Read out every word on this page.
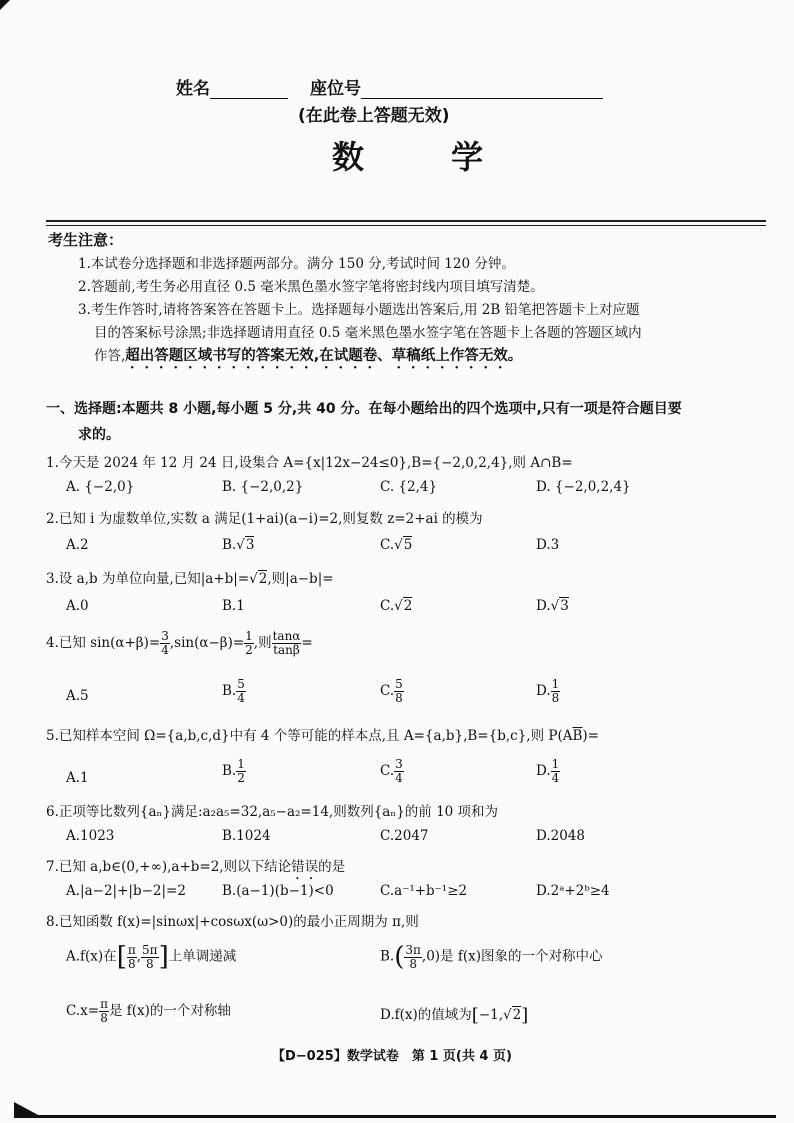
姓名	座位号
(在此卷上答题无效)
数 学
考生注意：
1.本试卷分选择题和非选择题两部分。满分 150 分,考试时间 120 分钟。
2.答题前,考生务必用直径 0.5 毫米黑色墨水签字笔将密封线内项目填写清楚。
3.考生作答时,请将答案答在答题卡上。选择题每小题选出答案后,用 2B 铅笔把答题卡上对应题
目的答案标号涂黑;非选择题请用直径 0.5 毫米黑色墨水签字笔在答题卡上各题的答题区域内
作答,超出答题区域书写的答案无效,在试题卷、草稿纸上作答无效。
一、选择题:本题共 8 小题,每小题 5 分,共 40 分。在每小题给出的四个选项中,只有一项是符合题目要
求的。
1.今天是 2024 年 12 月 24 日,设集合 A={x|12x−24≤0},B={−2,0,2,4},则 A∩B=
A. {−2,0}	B. {−2,0,2}	C. {2,4}	D. {−2,0,2,4}
2.已知 i 为虚数单位,实数 a 满足(1+ai)(a−i)=2,则复数 z=2+ai 的模为
A.2	B.√3	C.√5	D.3
3.设 a,b 为单位向量,已知|a+b|=√2,则|a−b|=
A.0	B.1	C.√2	D.√3
4.已知 $\sin(\alpha+\beta)= \frac{3}{4} ,\sin(\alpha-\beta)= \frac{1}{2}$ ,则 $\frac{\tan\alpha}{\tan\beta}$ =
A.5	B. $\frac{5}{4}$	C. $\frac{5}{8}$	D. $\frac{1}{8}$
5.已知样本空间 Ω={a,b,c,d}中有 4 个等可能的样本点,且 A={a,b},B={b,c},则 $P(A\overline{B})=$
A.1	B. $\frac{1}{2}$	C. $\frac{3}{4}$	D. $\frac{1}{4}$
6.正项等比数列{aₙ}满足:a₂a₅=32,a₅−a₂=14,则数列{aₙ}的前 10 项和为
A.1023	B.1024	C.2047	D.2048
7.已知 a,b∈(0,+∞),a+b=2,则以下结论错误的是
A.|a−2|+|b−2|=2	B.(a−1)(b−1)<0	C.a⁻¹+b⁻¹≥2	D.2ᵃ+2ᵇ≥4
8.已知函数 f(x)=|sinωx|+cosωx(ω>0)的最小正周期为 π,则
A.f(x)在[ $\frac{\pi}{8}$ , $\frac{5\pi}{8}$ ]上单调递减	$B.( \frac{3\pi}{8} ,0)$是 f(x)图象的一个对称中心
$C.x= \frac{\pi}{8}$ 是 f(x)的一个对称轴	D.f(x)的值域为[−1,√2]
【D−025】数学试卷　第 1 页(共 4 页)
